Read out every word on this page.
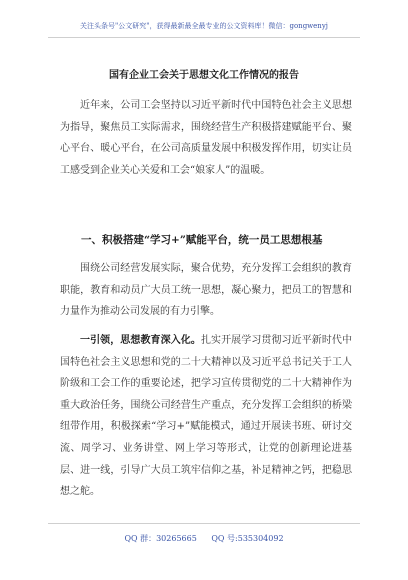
关注头条号"公文研究"，获得最新最全最专业的公文资料库！微信：gongwenyj
国有企业工会关于思想文化工作情况的报告

近年来，公司工会坚持以习近平新时代中国特色社会主义思想为指导，聚焦员工实际需求，围绕经营生产积极搭建赋能平台、聚心平台、暖心平台，在公司高质量发展中积极发挥作用，切实让员工感受到企业关心关爱和工会“娘家人”的温暖。

一、积极搭建“学习+”赋能平台，统一员工思想根基

围绕公司经营发展实际，聚合优势，充分发挥工会组织的教育职能，教育和动员广大员工统一思想，凝心聚力，把员工的智慧和力量作为推动公司发展的有力引擎。

一引领，思想教育深入化。扎实开展学习贯彻习近平新时代中国特色社会主义思想和党的二十大精神以及习近平总书记关于工人阶级和工会工作的重要论述，把学习宣传贯彻党的二十大精神作为重大政治任务，围绕公司经营生产重点，充分发挥工会组织的桥梁纽带作用，积极探索“学习+”赋能模式，通过开展读书班、研讨交流、周学习、业务讲堂、网上学习等形式，让党的创新理论进基层、进一线，引导广大员工筑牢信仰之基，补足精神之钙，把稳思想之舵。

QQ 群：30265665 QQ 号:535304092
